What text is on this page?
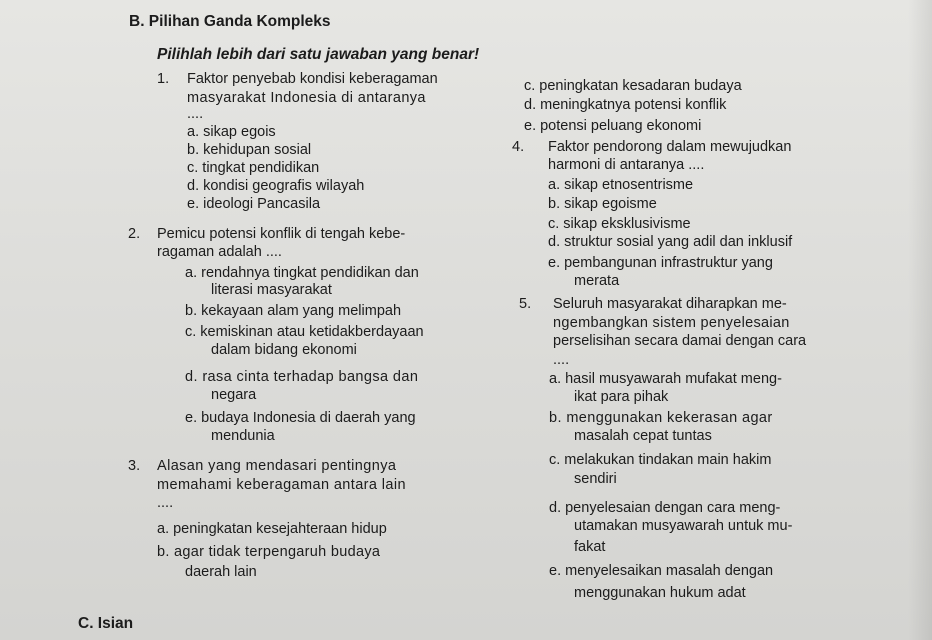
B. Pilihan Ganda Kompleks
Pilihlah lebih dari satu jawaban yang benar!
1. Faktor penyebab kondisi keberagaman
masyarakat Indonesia di antaranya
....
a. sikap egois
b. kehidupan sosial
c. tingkat pendidikan
d. kondisi geografis wilayah
e. ideologi Pancasila
2. Pemicu potensi konflik di tengah kebe-
ragaman adalah ....
a. rendahnya tingkat pendidikan dan
literasi masyarakat
b. kekayaan alam yang melimpah
c. kemiskinan atau ketidakberdayaan
dalam bidang ekonomi
d. rasa cinta terhadap bangsa dan
negara
e. budaya Indonesia di daerah yang
mendunia
3. Alasan yang mendasari pentingnya
memahami keberagaman antara lain
....
a. peningkatan kesejahteraan hidup
b. agar tidak terpengaruh budaya
daerah lain
C. Isian
c. peningkatan kesadaran budaya
d. meningkatnya potensi konflik
e. potensi peluang ekonomi
4. Faktor pendorong dalam mewujudkan
harmoni di antaranya ....
a. sikap etnosentrisme
b. sikap egoisme
c. sikap eksklusivisme
d. struktur sosial yang adil dan inklusif
e. pembangunan infrastruktur yang
merata
5. Seluruh masyarakat diharapkan me-
ngembangkan sistem penyelesaian
perselisihan secara damai dengan cara
....
a. hasil musyawarah mufakat meng-
ikat para pihak
b. menggunakan kekerasan agar
masalah cepat tuntas
c. melakukan tindakan main hakim
sendiri
d. penyelesaian dengan cara meng-
utamakan musyawarah untuk mu-
fakat
e. menyelesaikan masalah dengan
menggunakan hukum adat
